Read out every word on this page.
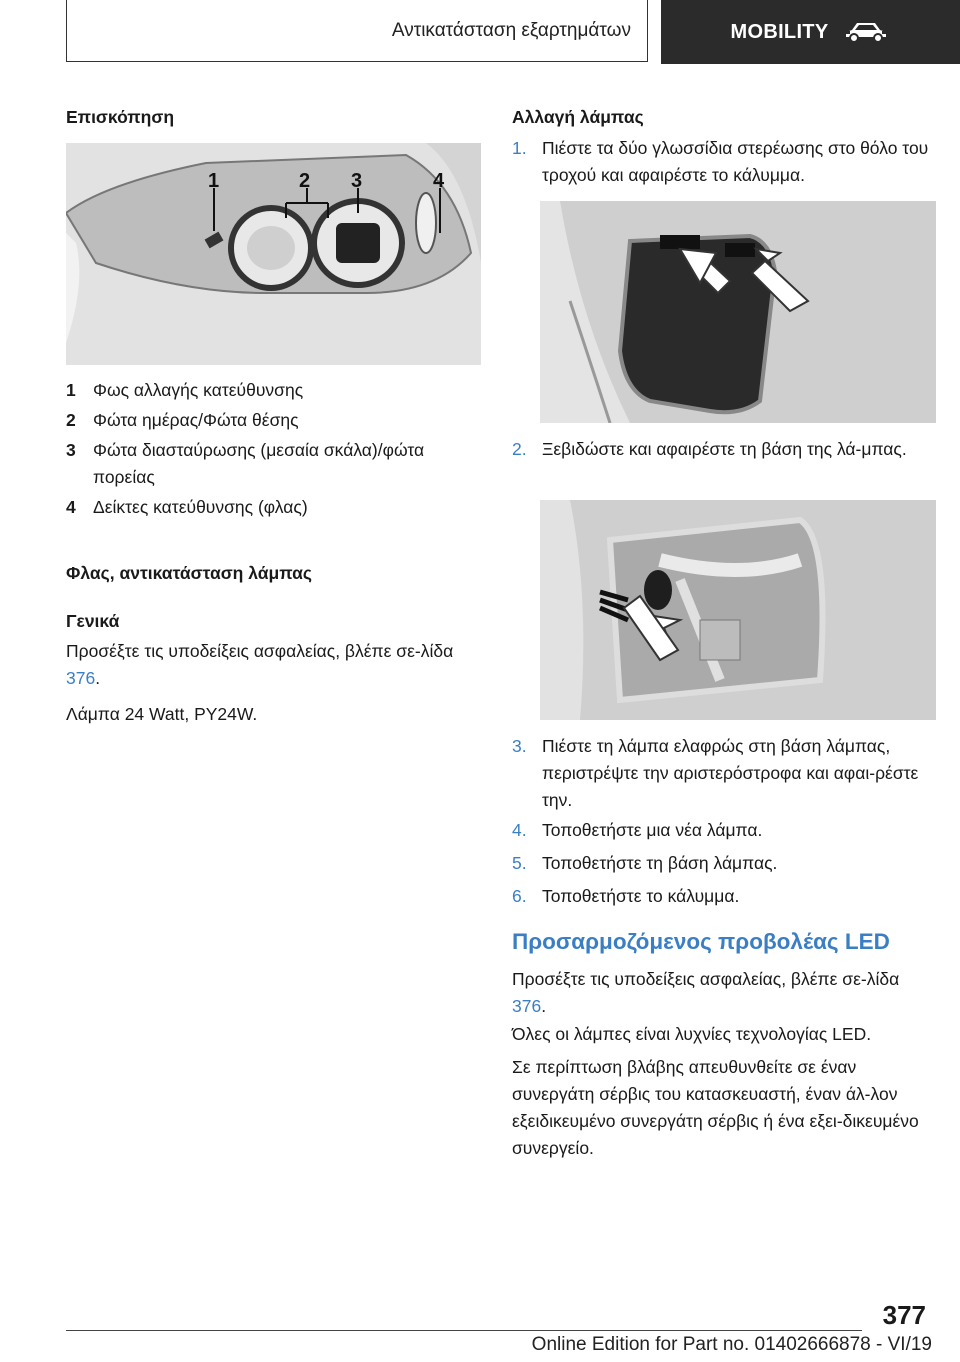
Αντικατάσταση εξαρτημάτων	MOBILITY
Επισκόπηση
1	2 3	4
1 Φως αλλαγής κατεύθυνσης
2 Φώτα ημέρας/Φώτα θέσης
3 Φώτα διασταύρωσης (μεσαία σκάλα)/φώτα πορείας
4 Δείκτες κατεύθυνσης (φλας)
Φλας, αντικατάσταση λάμπας
Γενικά

Προσέξτε τις υποδείξεις ασφαλείας, βλέπε σε-λίδα 376.

Λάμπα 24 Watt, PY24W.

Αλλαγή λάμπας
1. Πιέστε τα δύο γλωσσίδια στερέωσης στο θόλο του τροχού και αφαιρέστε το κάλυμμα.
2. Ξεβιδώστε και αφαιρέστε τη βάση της λά-μπας.
3. Πιέστε τη λάμπα ελαφρώς στη βάση λάμπας, περιστρέψτε την αριστερόστροφα και αφαι-ρέστε την.
4. Τοποθετήστε μια νέα λάμπα.
5. Τοποθετήστε τη βάση λάμπας.
6. Τοποθετήστε το κάλυμμα.
Προσαρμοζόμενος προβολέας LED

Προσέξτε τις υποδείξεις ασφαλείας, βλέπε σε-λίδα 376.

Όλες οι λάμπες είναι λυχνίες τεχνολογίας LED.

Σε περίπτωση βλάβης απευθυνθείτε σε έναν συνεργάτη σέρβις του κατασκευαστή, έναν άλ-λον εξειδικευμένο συνεργάτη σέρβις ή ένα εξει-δικευμένο συνεργείο.

377
Online Edition for Part no. 01402666878 - VI/19
